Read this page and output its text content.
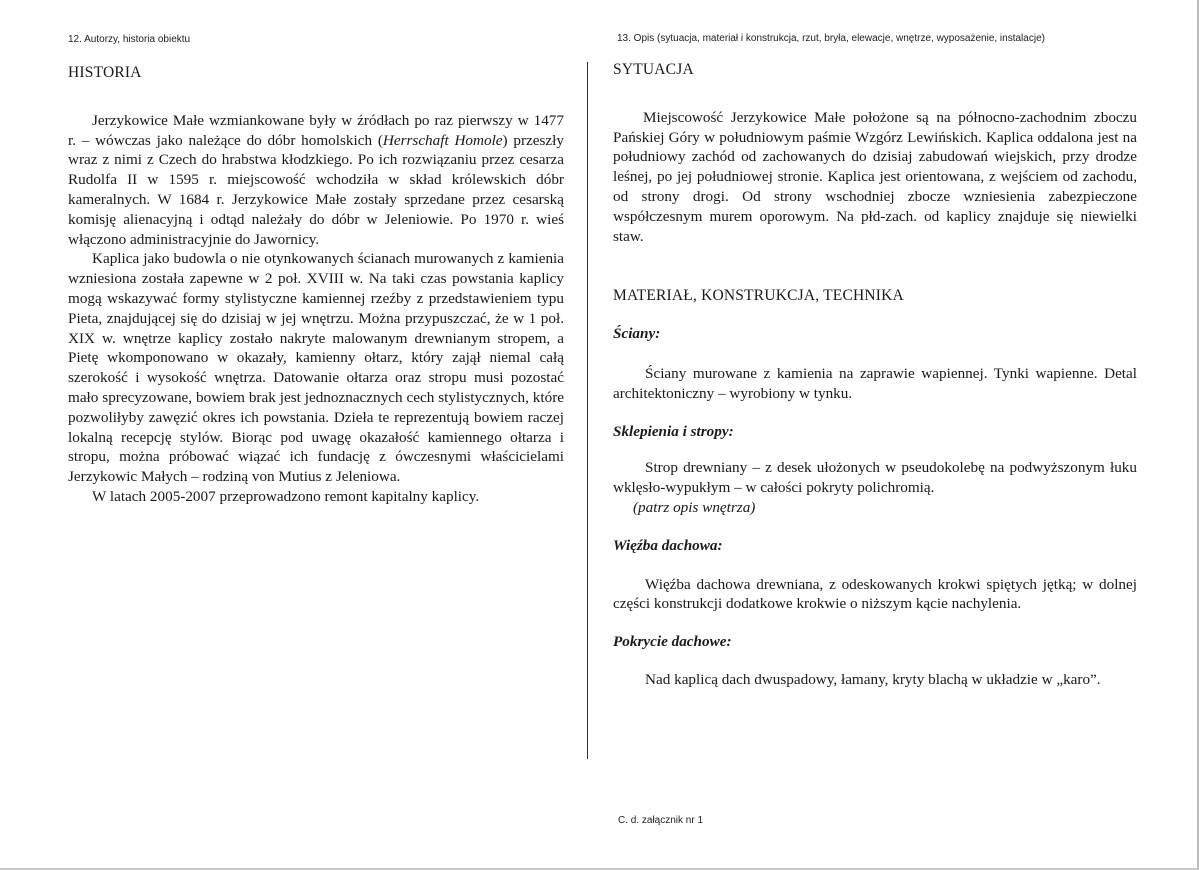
12. Autorzy, historia obiektu	13. Opis (sytuacja, materiał i konstrukcja, rzut, bryła, elewacje, wnętrze, wyposażenie, instalacje)
HISTORIA

Jerzykowice Małe wzmiankowane były w źródłach po raz pierwszy w 1477 r. – wówczas jako należące do dóbr homolskich (Herrschaft Homole) przeszły wraz z nimi z Czech do hrabstwa kłodzkiego. Po ich rozwiązaniu przez cesarza Rudolfa II w 1595 r. miejscowość wchodziła w skład królewskich dóbr kameralnych. W 1684 r. Jerzykowice Małe zostały sprzedane przez cesarską komisję alienacyjną i odtąd należały do dóbr w Jeleniowie. Po 1970 r. wieś włączono administracyjnie do Jawornicy.

Kaplica jako budowla o nie otynkowanych ścianach murowanych z kamienia wzniesiona została zapewne w 2 poł. XVIII w. Na taki czas powstania kaplicy mogą wskazywać formy stylistyczne kamiennej rzeźby z przedstawieniem typu Pieta, znajdującej się do dzisiaj w jej wnętrzu. Można przypuszczać, że w 1 poł. XIX w. wnętrze kaplicy zostało nakryte malowanym drewnianym stropem, a Pietę wkomponowano w okazały, kamienny ołtarz, który zajął niemal całą szerokość i wysokość wnętrza. Datowanie ołtarza oraz stropu musi pozostać mało sprecyzowane, bowiem brak jest jednoznacznych cech stylistycznych, które pozwoliłyby zawęzić okres ich powstania. Dzieła te reprezentują bowiem raczej lokalną recepcję stylów. Biorąc pod uwagę okazałość kamiennego ołtarza i stropu, można próbować wiązać ich fundację z ówczesnymi właścicielami Jerzykowic Małych – rodziną von Mutius z Jeleniowa.

W latach 2005-2007 przeprowadzono remont kapitalny kaplicy.

SYTUACJA

Miejscowość Jerzykowice Małe położone są na północno-zachodnim zboczu Pańskiej Góry w południowym paśmie Wzgórz Lewińskich. Kaplica oddalona jest na południowy zachód od zachowanych do dzisiaj zabudowań wiejskich, przy drodze leśnej, po jej południowej stronie. Kaplica jest orientowana, z wejściem od zachodu, od strony drogi. Od strony wschodniej zbocze wzniesienia zabezpieczone współczesnym murem oporowym. Na płd-zach. od kaplicy znajduje się niewielki staw.

MATERIAŁ, KONSTRUKCJA, TECHNIKA

Ściany:

Ściany murowane z kamienia na zaprawie wapiennej. Tynki wapienne. Detal architektoniczny – wyrobiony w tynku.

Sklepienia i stropy:

Strop drewniany – z desek ułożonych w pseudokolebę na podwyższonym łuku wklęsło-wypukłym – w całości pokryty polichromią.

(patrz opis wnętrza)

Więźba dachowa:

Więźba dachowa drewniana, z odeskowanych krokwi spiętych jętką; w dolnej części konstrukcji dodatkowe krokwie o niższym kącie nachylenia.

Pokrycie dachowe:

Nad kaplicą dach dwuspadowy, łamany, kryty blachą w układzie w „karo”.

C. d. załącznik nr 1
